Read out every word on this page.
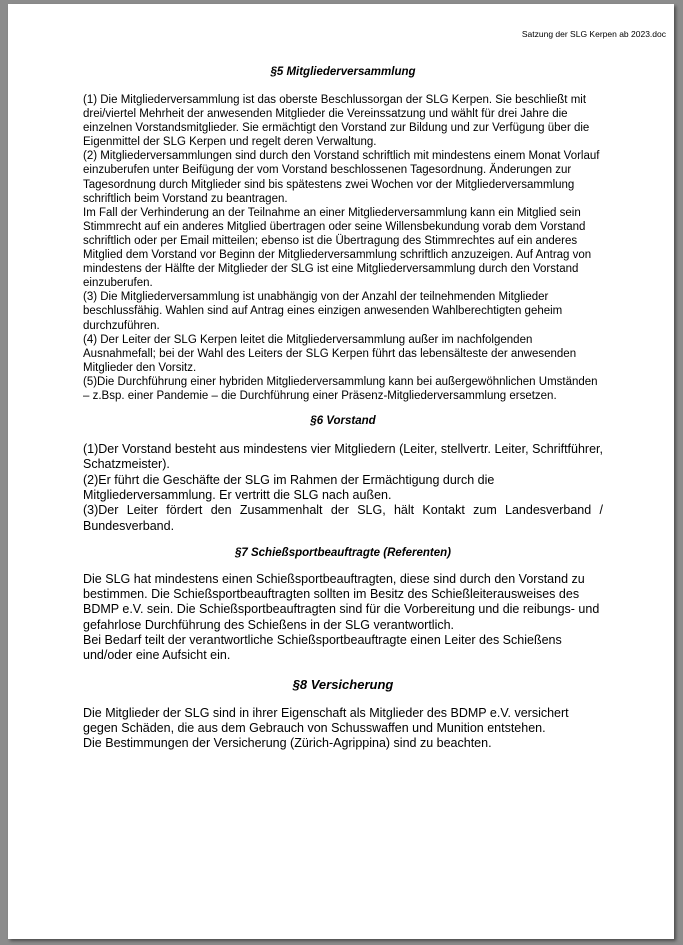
Satzung der SLG Kerpen ab 2023.doc
§5 Mitgliederversammlung

(1) Die Mitgliederversammlung ist das oberste Beschlussorgan der SLG Kerpen. Sie beschließt mit drei/viertel Mehrheit der anwesenden Mitglieder die Vereinssatzung und wählt für drei Jahre die einzelnen Vorstandsmitglieder. Sie ermächtigt den Vorstand zur Bildung und zur Verfügung über die Eigenmittel der SLG Kerpen und regelt deren Verwaltung.

(2) Mitgliederversammlungen sind durch den Vorstand schriftlich mit mindestens einem Monat Vorlauf einzuberufen unter Beifügung der vom Vorstand beschlossenen Tagesordnung. Änderungen zur Tagesordnung durch Mitglieder sind bis spätestens zwei Wochen vor der Mitgliederversammlung schriftlich beim Vorstand zu beantragen.

Im Fall der Verhinderung an der Teilnahme an einer Mitgliederversammlung kann ein Mitglied sein Stimmrecht auf ein anderes Mitglied übertragen oder seine Willensbekundung vorab dem Vorstand schriftlich oder per Email mitteilen; ebenso ist die Übertragung des Stimmrechtes auf ein anderes Mitglied dem Vorstand vor Beginn der Mitgliederversammlung schriftlich anzuzeigen. Auf Antrag von mindestens der Hälfte der Mitglieder der SLG ist eine Mitgliederversammlung durch den Vorstand einzuberufen.

(3) Die Mitgliederversammlung ist unabhängig von der Anzahl der teilnehmenden Mitglieder beschlussfähig. Wahlen sind auf Antrag eines einzigen anwesenden Wahlberechtigten geheim durchzuführen.

(4) Der Leiter der SLG Kerpen leitet die Mitgliederversammlung außer im nachfolgenden Ausnahmefall; bei der Wahl des Leiters der SLG Kerpen führt das lebensälteste der anwesenden Mitglieder den Vorsitz.

(5)Die Durchführung einer hybriden Mitgliederversammlung kann bei außergewöhnlichen Umständen – z.Bsp. einer Pandemie – die Durchführung einer Präsenz-Mitgliederversammlung ersetzen.

§6 Vorstand

(1)Der Vorstand besteht aus mindestens vier Mitgliedern (Leiter, stellvertr. Leiter, Schriftführer, Schatzmeister).

(2)Er führt die Geschäfte der SLG im Rahmen der Ermächtigung durch die Mitgliederversammlung. Er vertritt die SLG nach außen.

(3)Der Leiter fördert den Zusammenhalt der SLG, hält Kontakt zum Landesverband / Bundesverband.

§7 Schießsportbeauftragte (Referenten)

Die SLG hat mindestens einen Schießsportbeauftragten, diese sind durch den Vorstand zu bestimmen. Die Schießsportbeauftragten sollten im Besitz des Schießleiterausweises des BDMP e.V. sein. Die Schießsportbeauftragten sind für die Vorbereitung und die reibungs- und gefahrlose Durchführung des Schießens in der SLG verantwortlich.

Bei Bedarf teilt der verantwortliche Schießsportbeauftragte einen Leiter des Schießens und/oder eine Aufsicht ein.

§8 Versicherung

Die Mitglieder der SLG sind in ihrer Eigenschaft als Mitglieder des BDMP e.V. versichert

gegen Schäden, die aus dem Gebrauch von Schusswaffen und Munition entstehen.

Die Bestimmungen der Versicherung (Zürich-Agrippina) sind zu beachten.
